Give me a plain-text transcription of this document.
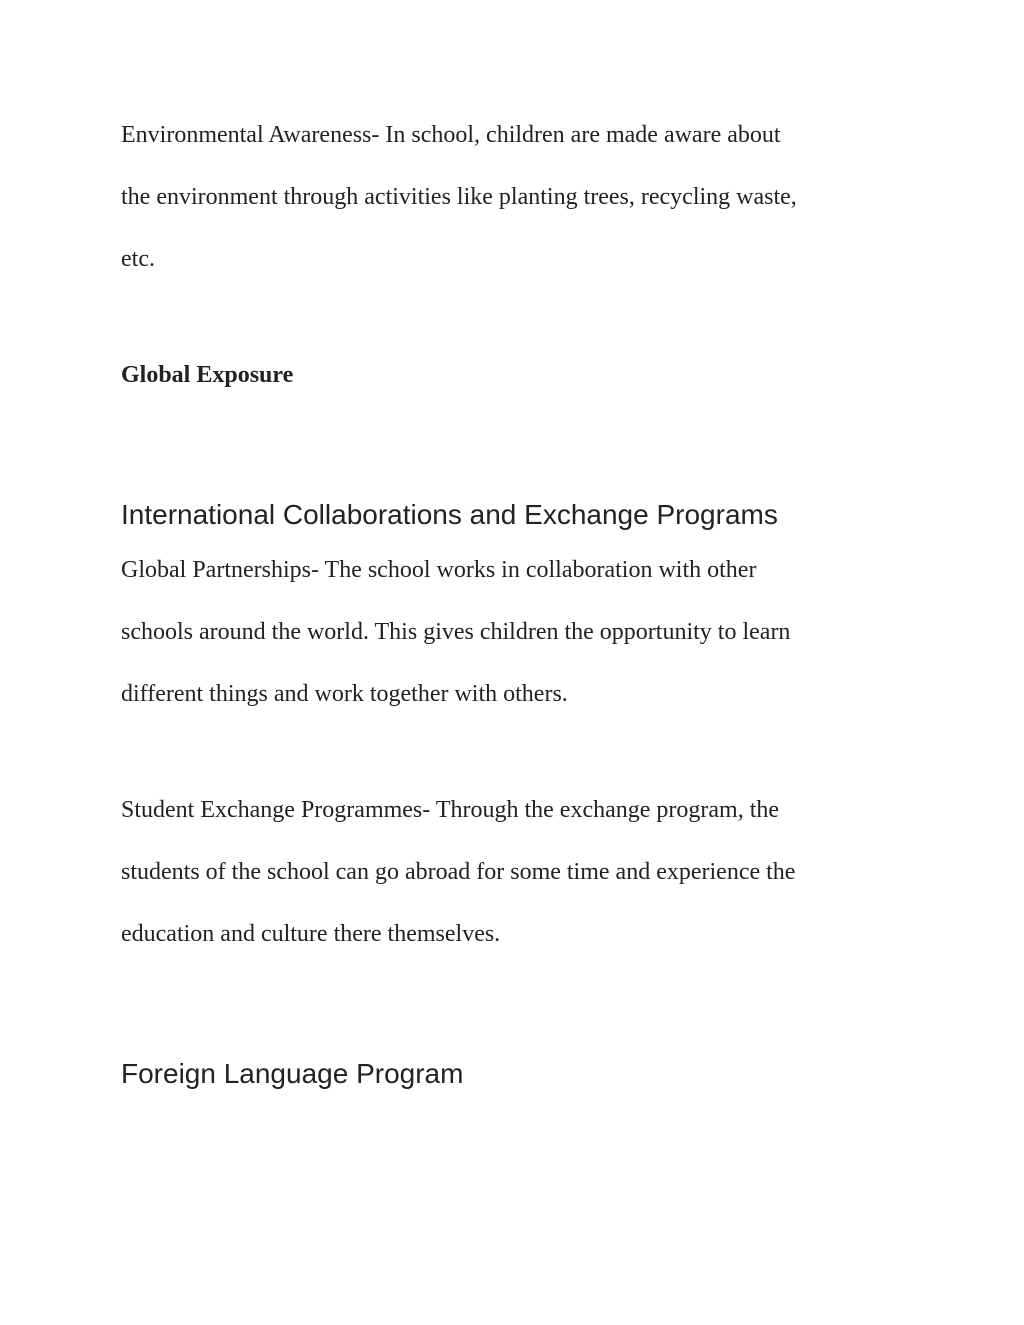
Environmental Awareness- In school, children are made aware about
the environment through activities like planting trees, recycling waste,
etc.
Global Exposure
International Collaborations and Exchange Programs
Global Partnerships- The school works in collaboration with other
schools around the world. This gives children the opportunity to learn
different things and work together with others.
Student Exchange Programmes- Through the exchange program, the
students of the school can go abroad for some time and experience the
education and culture there themselves.
Foreign Language Program
